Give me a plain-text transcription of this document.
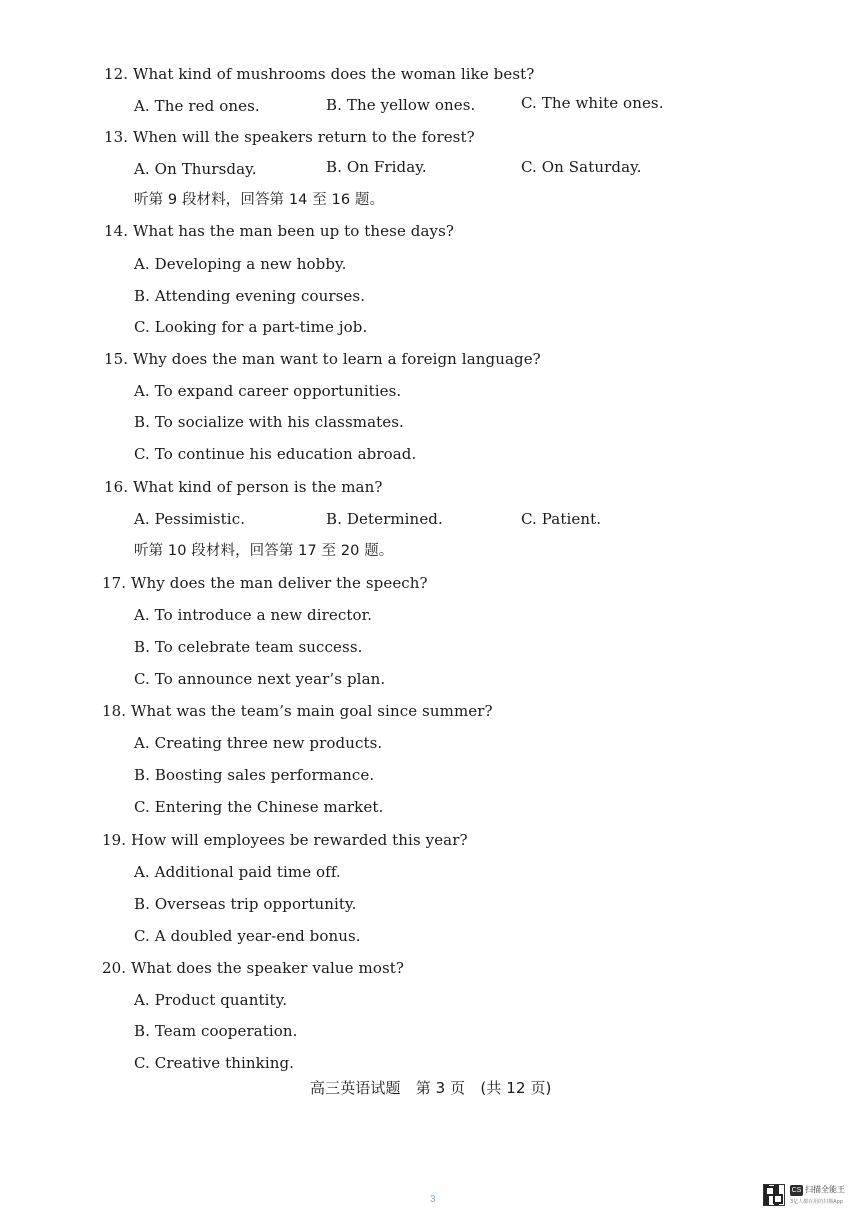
12. What kind of mushrooms does the woman like best?
A. The red ones.	B. The yellow ones.	C. The white ones.
13. When will the speakers return to the forest?
A. On Thursday.	B. On Friday.	C. On Saturday.
听第 9 段材料，回答第 14 至 16 题。
14. What has the man been up to these days?
A. Developing a new hobby.
B. Attending evening courses.
C. Looking for a part-time job.
15. Why does the man want to learn a foreign language?
A. To expand career opportunities.
B. To socialize with his classmates.
C. To continue his education abroad.
16. What kind of person is the man?
A. Pessimistic.	B. Determined.	C. Patient.
听第 10 段材料，回答第 17 至 20 题。
17. Why does the man deliver the speech?
A. To introduce a new director.
B. To celebrate team success.
C. To announce next year’s plan.
18. What was the team’s main goal since summer?
A. Creating three new products.
B. Boosting sales performance.
C. Entering the Chinese market.
19. How will employees be rewarded this year?
A. Additional paid time off.
B. Overseas trip opportunity.
C. A doubled year-end bonus.
20. What does the speaker value most?
A. Product quantity.
B. Team cooperation.
C. Creative thinking.
高三英语试题　第 3 页　(共 12 页)
3
CS 扫描全能王
3亿人都在用的扫描App
